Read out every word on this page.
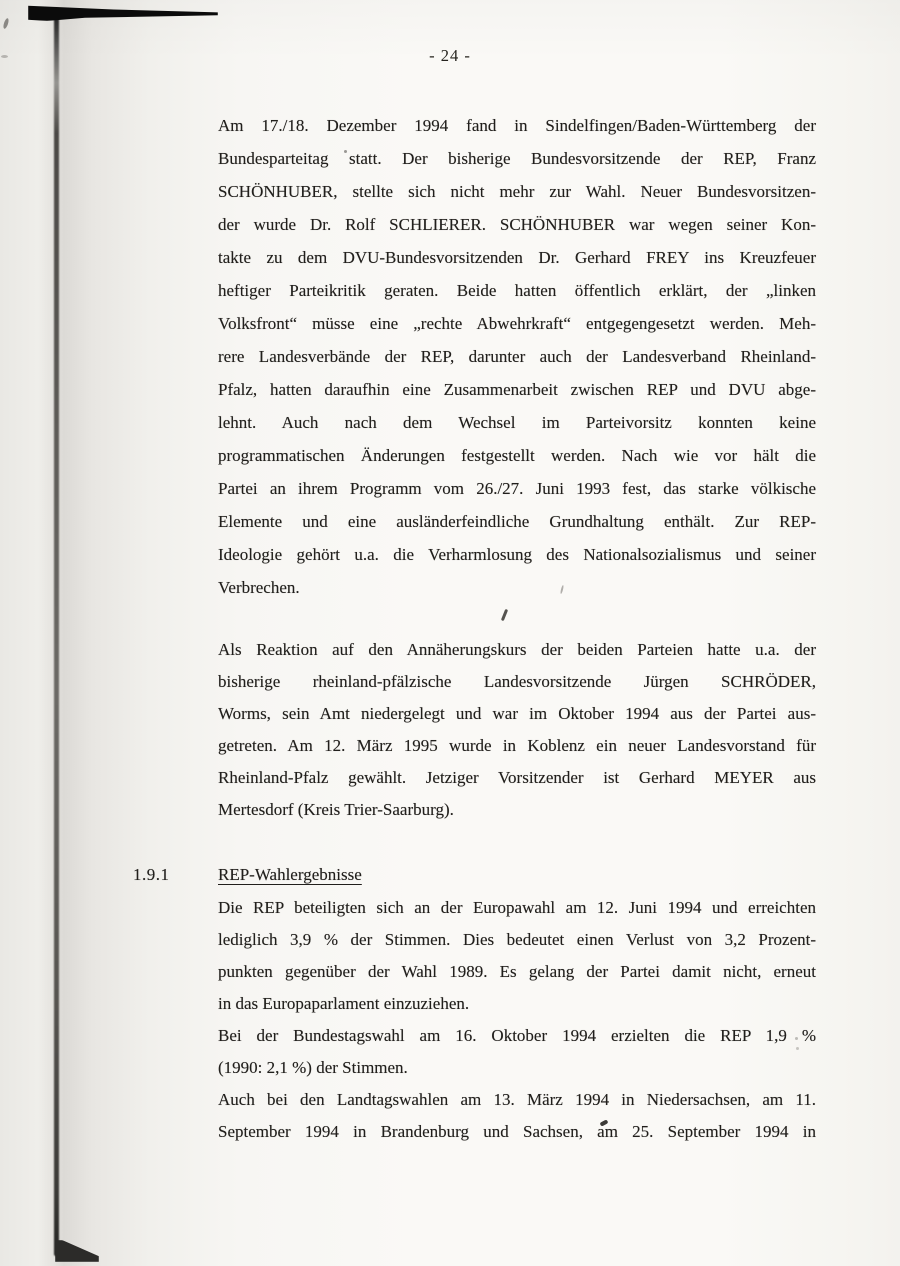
- 24 -
Am 17./18. Dezember 1994 fand in Sindelfingen/Baden-Württemberg der
Bundesparteitag statt. Der bisherige Bundesvorsitzende der REP, Franz
SCHÖNHUBER, stellte sich nicht mehr zur Wahl. Neuer Bundesvorsitzen-
der wurde Dr. Rolf SCHLIERER. SCHÖNHUBER war wegen seiner Kon-
takte zu dem DVU-Bundesvorsitzenden Dr. Gerhard FREY ins Kreuzfeuer
heftiger Parteikritik geraten. Beide hatten öffentlich erklärt, der „linken
Volksfront“ müsse eine „rechte Abwehrkraft“ entgegengesetzt werden. Meh-
rere Landesverbände der REP, darunter auch der Landesverband Rheinland-
Pfalz, hatten daraufhin eine Zusammenarbeit zwischen REP und DVU abge-
lehnt. Auch nach dem Wechsel im Parteivorsitz konnten keine
programmatischen Änderungen festgestellt werden. Nach wie vor hält die
Partei an ihrem Programm vom 26./27. Juni 1993 fest, das starke völkische
Elemente und eine ausländerfeindliche Grundhaltung enthält. Zur REP-
Ideologie gehört u.a. die Verharmlosung des Nationalsozialismus und seiner
Verbrechen.
Als Reaktion auf den Annäherungskurs der beiden Parteien hatte u.a. der
bisherige rheinland-pfälzische Landesvorsitzende Jürgen SCHRÖDER,
Worms, sein Amt niedergelegt und war im Oktober 1994 aus der Partei aus-
getreten. Am 12. März 1995 wurde in Koblenz ein neuer Landesvorstand für
Rheinland-Pfalz gewählt. Jetziger Vorsitzender ist Gerhard MEYER aus
Mertesdorf (Kreis Trier-Saarburg).
1.9.1	REP-Wahlergebnisse
Die REP beteiligten sich an der Europawahl am 12. Juni 1994 und erreichten
lediglich 3,9 % der Stimmen. Dies bedeutet einen Verlust von 3,2 Prozent-
punkten gegenüber der Wahl 1989. Es gelang der Partei damit nicht, erneut
in das Europaparlament einzuziehen.
Bei der Bundestagswahl am 16. Oktober 1994 erzielten die REP 1,9 %
(1990: 2,1 %) der Stimmen.
Auch bei den Landtagswahlen am 13. März 1994 in Niedersachsen, am 11.
September 1994 in Brandenburg und Sachsen, am 25. September 1994 in
